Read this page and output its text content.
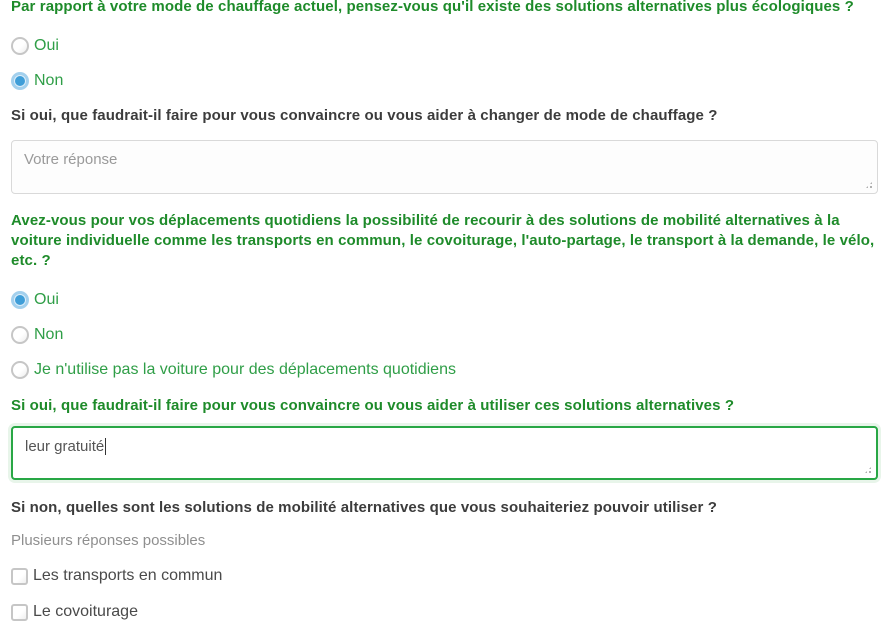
Par rapport à votre mode de chauffage actuel, pensez-vous qu'il existe des solutions alternatives plus écologiques ?
Oui
Non
Si oui, que faudrait-il faire pour vous convaincre ou vous aider à changer de mode de chauffage ?
Votre réponse
Avez-vous pour vos déplacements quotidiens la possibilité de recourir à des solutions de mobilité alternatives à la voiture individuelle comme les transports en commun, le covoiturage, l'auto-partage, le transport à la demande, le vélo, etc. ?
Oui
Non
Je n'utilise pas la voiture pour des déplacements quotidiens
Si oui, que faudrait-il faire pour vous convaincre ou vous aider à utiliser ces solutions alternatives ?
leur gratuité
Si non, quelles sont les solutions de mobilité alternatives que vous souhaiteriez pouvoir utiliser ?
Plusieurs réponses possibles
Les transports en commun
Le covoiturage
